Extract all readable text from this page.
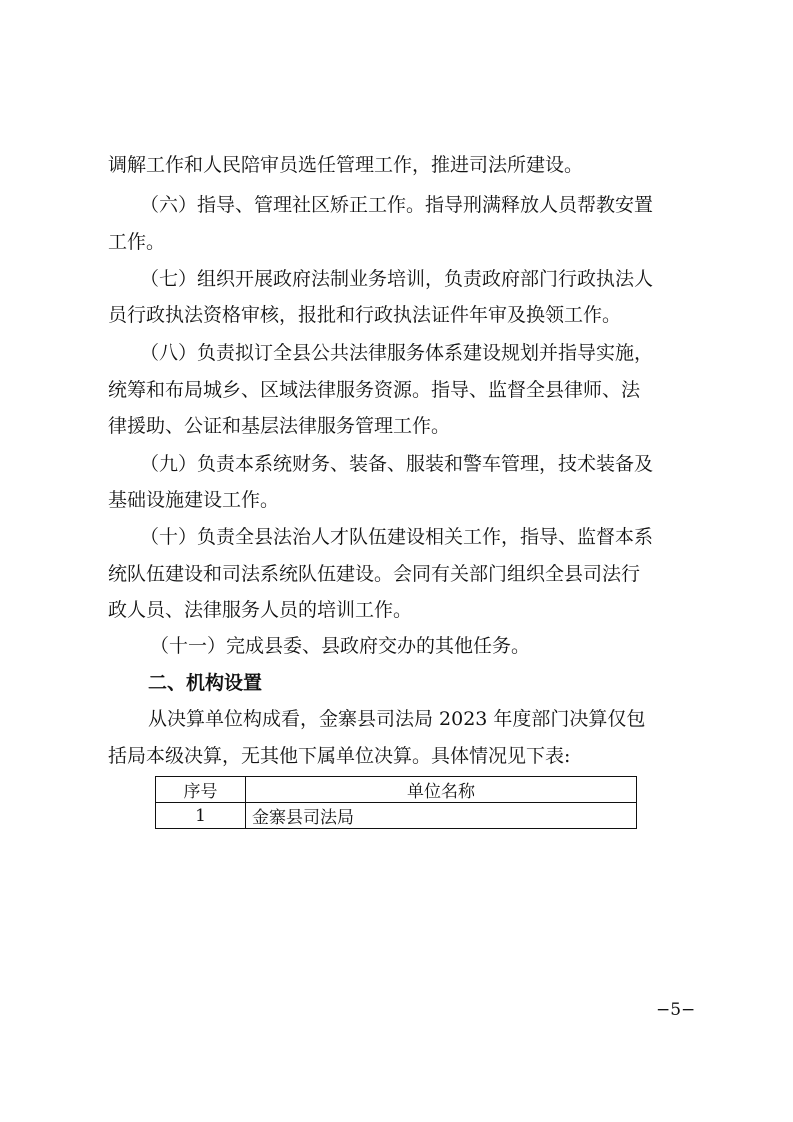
调解工作和人民陪审员选任管理工作，推进司法所建设。
（六）指导、管理社区矫正工作。指导刑满释放人员帮教安置
工作。
（七）组织开展政府法制业务培训，负责政府部门行政执法人
员行政执法资格审核，报批和行政执法证件年审及换领工作。
（八）负责拟订全县公共法律服务体系建设规划并指导实施，
统筹和布局城乡、区域法律服务资源。指导、监督全县律师、法
律援助、公证和基层法律服务管理工作。
（九）负责本系统财务、装备、服装和警车管理，技术装备及
基础设施建设工作。
（十）负责全县法治人才队伍建设相关工作，指导、监督本系
统队伍建设和司法系统队伍建设。会同有关部门组织全县司法行
政人员、法律服务人员的培训工作。
（十一）完成县委、县政府交办的其他任务。
二、机构设置
从决算单位构成看，金寨县司法局 2023 年度部门决算仅包
括局本级决算，无其他下属单位决算。具体情况见下表:
序号	单位名称
1	金寨县司法局
−5−
